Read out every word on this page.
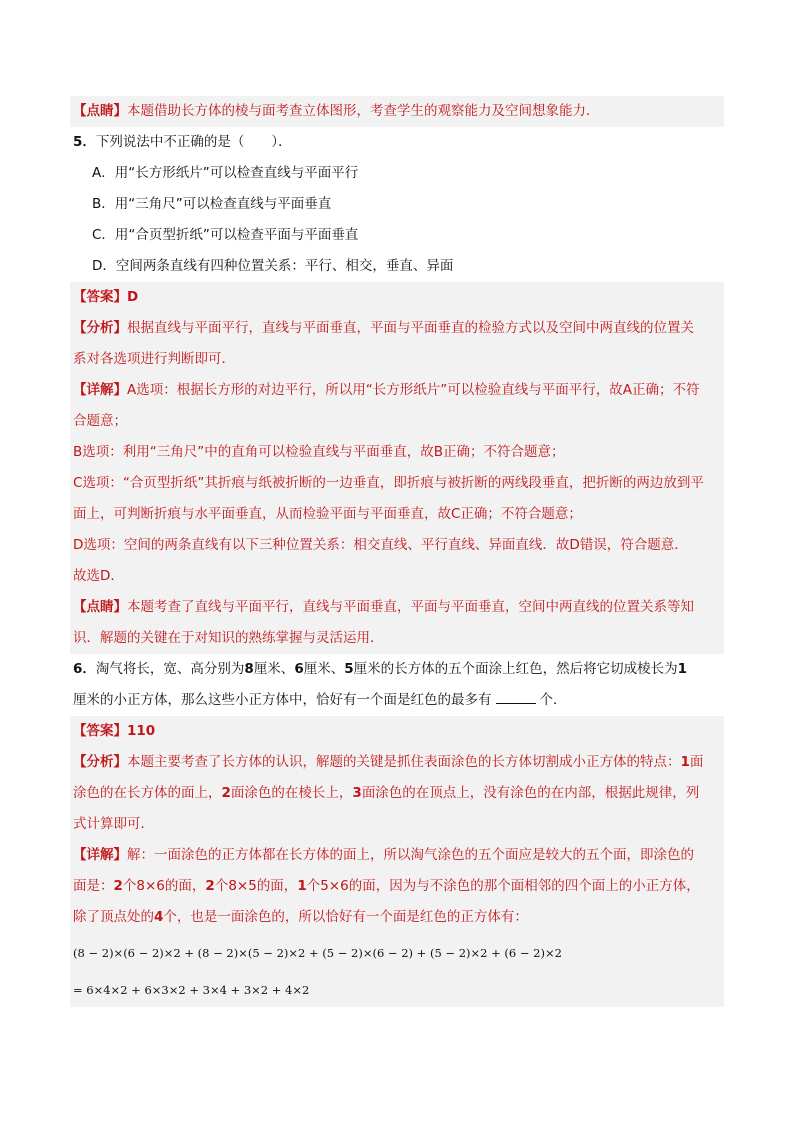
【点睛】本题借助长方体的棱与面考查立体图形，考查学生的观察能力及空间想象能力．
5．下列说法中不正确的是（　　）．
A．用“长方形纸片”可以检查直线与平面平行
B．用“三角尺”可以检查直线与平面垂直
C．用“合页型折纸”可以检查平面与平面垂直
D．空间两条直线有四种位置关系：平行、相交，垂直、异面
【答案】D
【分析】根据直线与平面平行，直线与平面垂直，平面与平面垂直的检验方式以及空间中两直线的位置关
系对各选项进行判断即可．
【详解】A选项：根据长方形的对边平行，所以用“长方形纸片”可以检验直线与平面平行，故A正确；不符
合题意；
B选项：利用“三角尺”中的直角可以检验直线与平面垂直，故B正确；不符合题意；
C选项：“合页型折纸”其折痕与纸被折断的一边垂直，即折痕与被折断的两线段垂直，把折断的两边放到平
面上，可判断折痕与水平面垂直，从而检验平面与平面垂直，故C正确；不符合题意；
D选项：空间的两条直线有以下三种位置关系：相交直线、平行直线、异面直线．故D错误，符合题意．
故选D．
【点睛】本题考查了直线与平面平行，直线与平面垂直，平面与平面垂直，空间中两直线的位置关系等知
识．解题的关键在于对知识的熟练掌握与灵活运用．
6．淘气将长，宽、高分别为8厘米、6厘米、5厘米的长方体的五个面涂上红色，然后将它切成棱长为1
厘米的小正方体，那么这些小正方体中，恰好有一个面是红色的最多有	个．
【答案】110
【分析】本题主要考查了长方体的认识，解题的关键是抓住表面涂色的长方体切割成小正方体的特点：1面
涂色的在长方体的面上，2面涂色的在棱长上，3面涂色的在顶点上，没有涂色的在内部，根据此规律，列
式计算即可．
【详解】解：一面涂色的正方体都在长方体的面上，所以淘气涂色的五个面应是较大的五个面，即涂色的
面是：2个8×6的面，2个8×5的面，1个5×6的面，因为与不涂色的那个面相邻的四个面上的小正方体，
除了顶点处的4个，也是一面涂色的，所以恰好有一个面是红色的正方体有：
(8 − 2)×(6 − 2)×2 + (8 − 2)×(5 − 2)×2 + (5 − 2)×(6 − 2) + (5 − 2)×2 + (6 − 2)×2
= 6×4×2 + 6×3×2 + 3×4 + 3×2 + 4×2
